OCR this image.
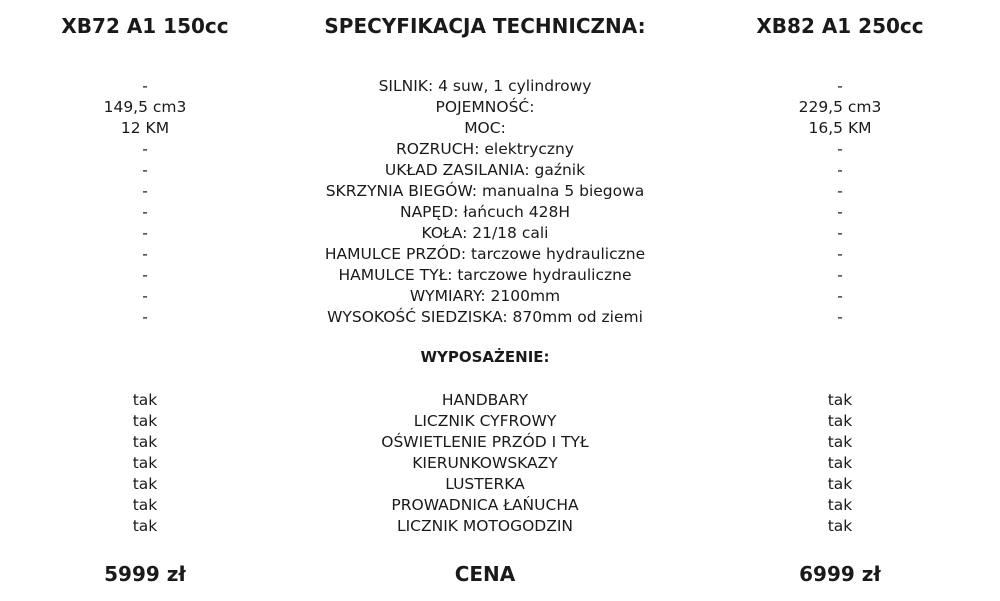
XB72 A1 150cc	SPECYFIKACJA TECHNICZNA:	XB82 A1 250cc
-	SILNIK: 4 suw, 1 cylindrowy	-
149,5 cm3	POJEMNOŚĆ:	229,5 cm3
12 KM	MOC:	16,5 KM
-	ROZRUCH: elektryczny	-
-	UKŁAD ZASILANIA: gaźnik	-
-	SKRZYNIA BIEGÓW: manualna 5 biegowa	-
-	NAPĘD: łańcuch 428H	-
-	KOŁA: 21/18 cali	-
-	HAMULCE PRZÓD: tarczowe hydrauliczne	-
-	HAMULCE TYŁ: tarczowe hydrauliczne	-
-	WYMIARY: 2100mm	-
-	WYSOKOŚĆ SIEDZISKA: 870mm od ziemi	-
WYPOSAŻENIE:
tak	HANDBARY	tak
tak	LICZNIK CYFROWY	tak
tak	OŚWIETLENIE PRZÓD I TYŁ	tak
tak	KIERUNKOWSKAZY	tak
tak	LUSTERKA	tak
tak	PROWADNICA ŁAŃUCHA	tak
tak	LICZNIK MOTOGODZIN	tak
5999 zł	CENA	6999 zł
